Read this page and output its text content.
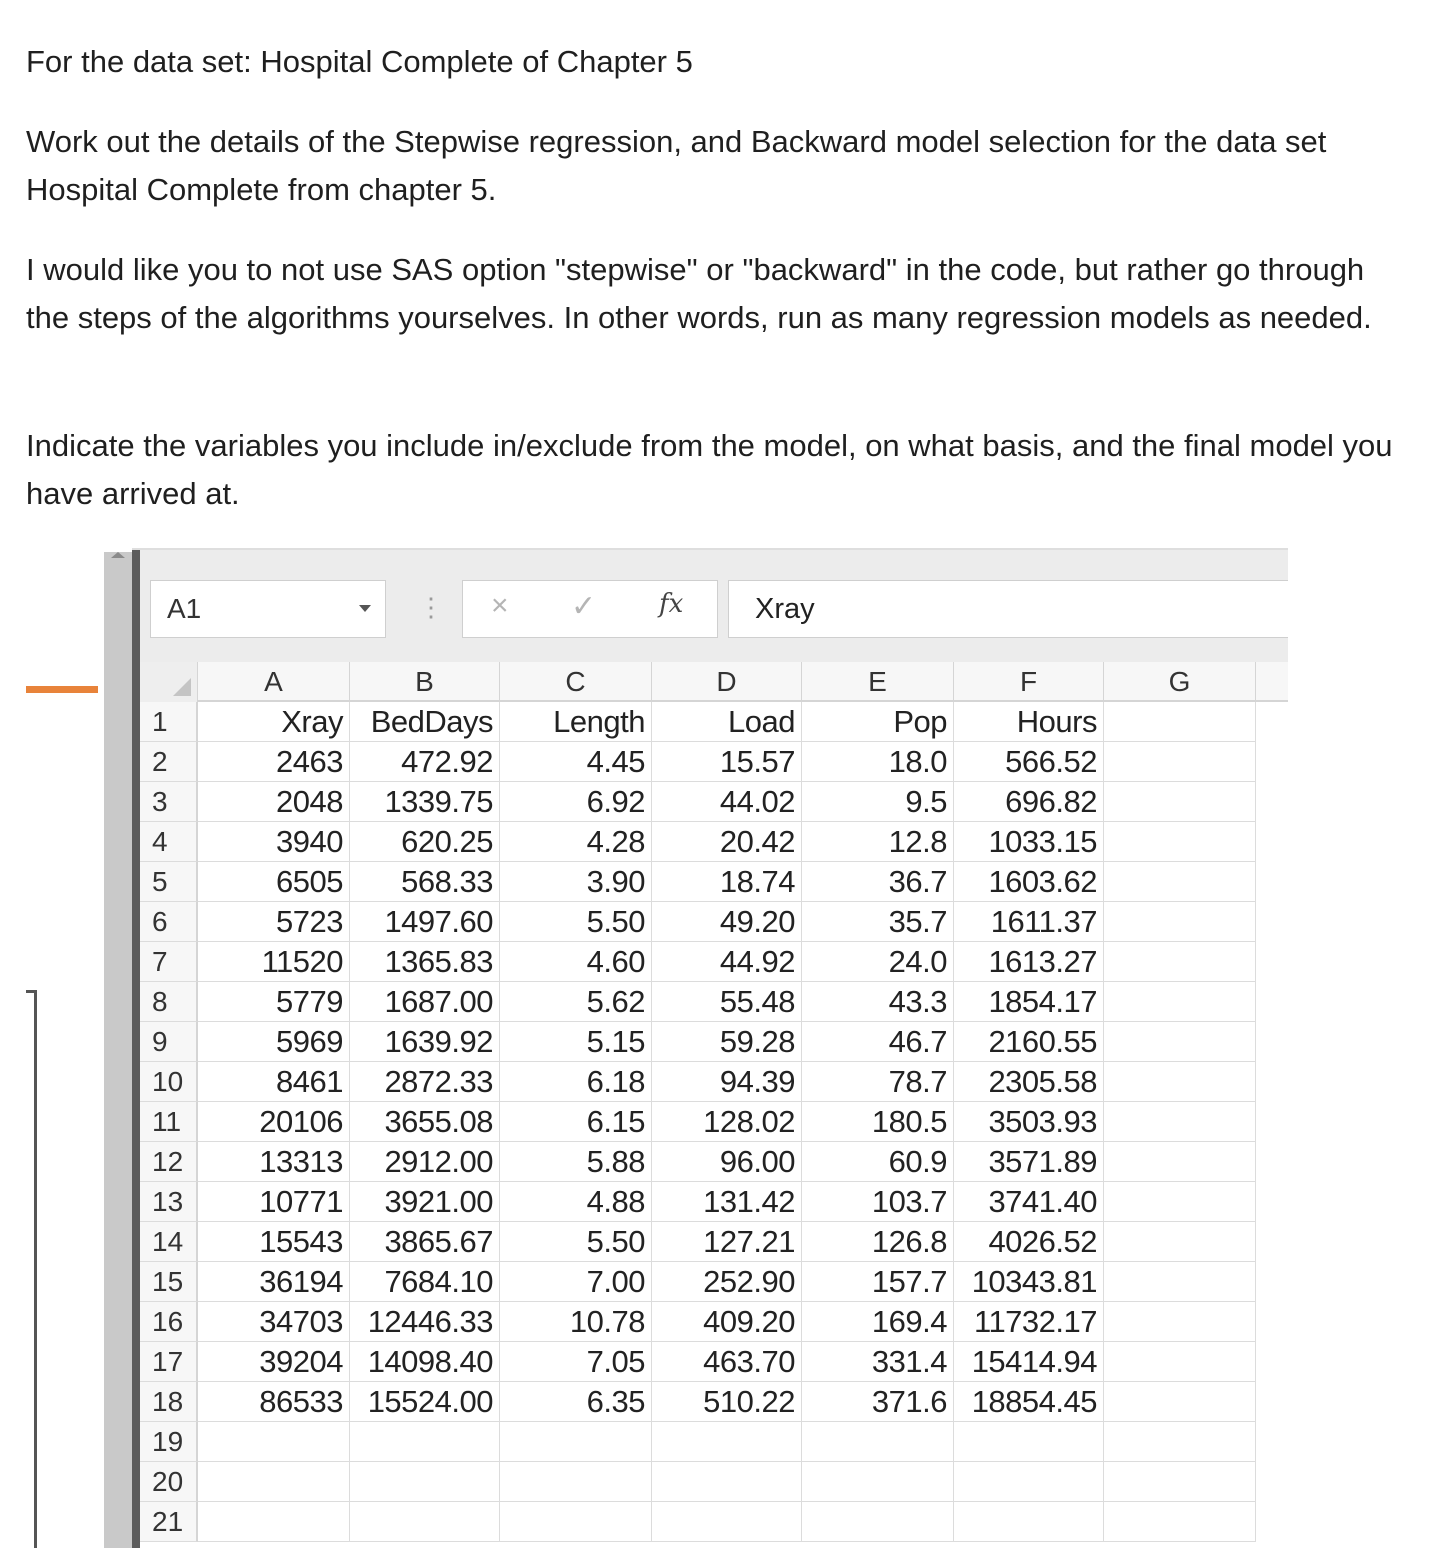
For the data set: Hospital Complete of Chapter 5

Work out the details of the Stepwise regression, and Backward model selection for the data set Hospital Complete from chapter 5.

I would like you to not use SAS option "stepwise" or "backward" in the code, but rather go through the steps of the algorithms yourselves. In other words, run as many regression models as needed.

Indicate the variables you include in/exclude from the model, on what basis, and the final model you have arrived at.

A1	⋮ × ✓ fx Xray
A	B	C	D	E	F	G
1	Xray BedDays	Length	Load	Pop	Hours
2	2463	472.92	4.45	15.57	18.0	566.52
3	2048	1339.75	6.92	44.02	9.5	696.82
4	3940	620.25	4.28	20.42	12.8	1033.15
5	6505	568.33	3.90	18.74	36.7	1603.62
6	5723	1497.60	5.50	49.20	35.7	1611.37
7	11520	1365.83	4.60	44.92	24.0	1613.27
8	5779	1687.00	5.62	55.48	43.3	1854.17
9	5969	1639.92	5.15	59.28	46.7	2160.55
10	8461	2872.33	6.18	94.39	78.7	2305.58
11	20106	3655.08	6.15	128.02	180.5	3503.93
12	13313	2912.00	5.88	96.00	60.9	3571.89
13	10771	3921.00	4.88	131.42	103.7	3741.40
14	15543	3865.67	5.50	127.21	126.8	4026.52
15	36194	7684.10	7.00	252.90	157.7 10343.81
16	34703 12446.33	10.78	409.20	169.4 11732.17
17	39204 14098.40	7.05	463.70	331.4 15414.94
18	86533 15524.00	6.35	510.22	371.6 18854.45
19
20
21
